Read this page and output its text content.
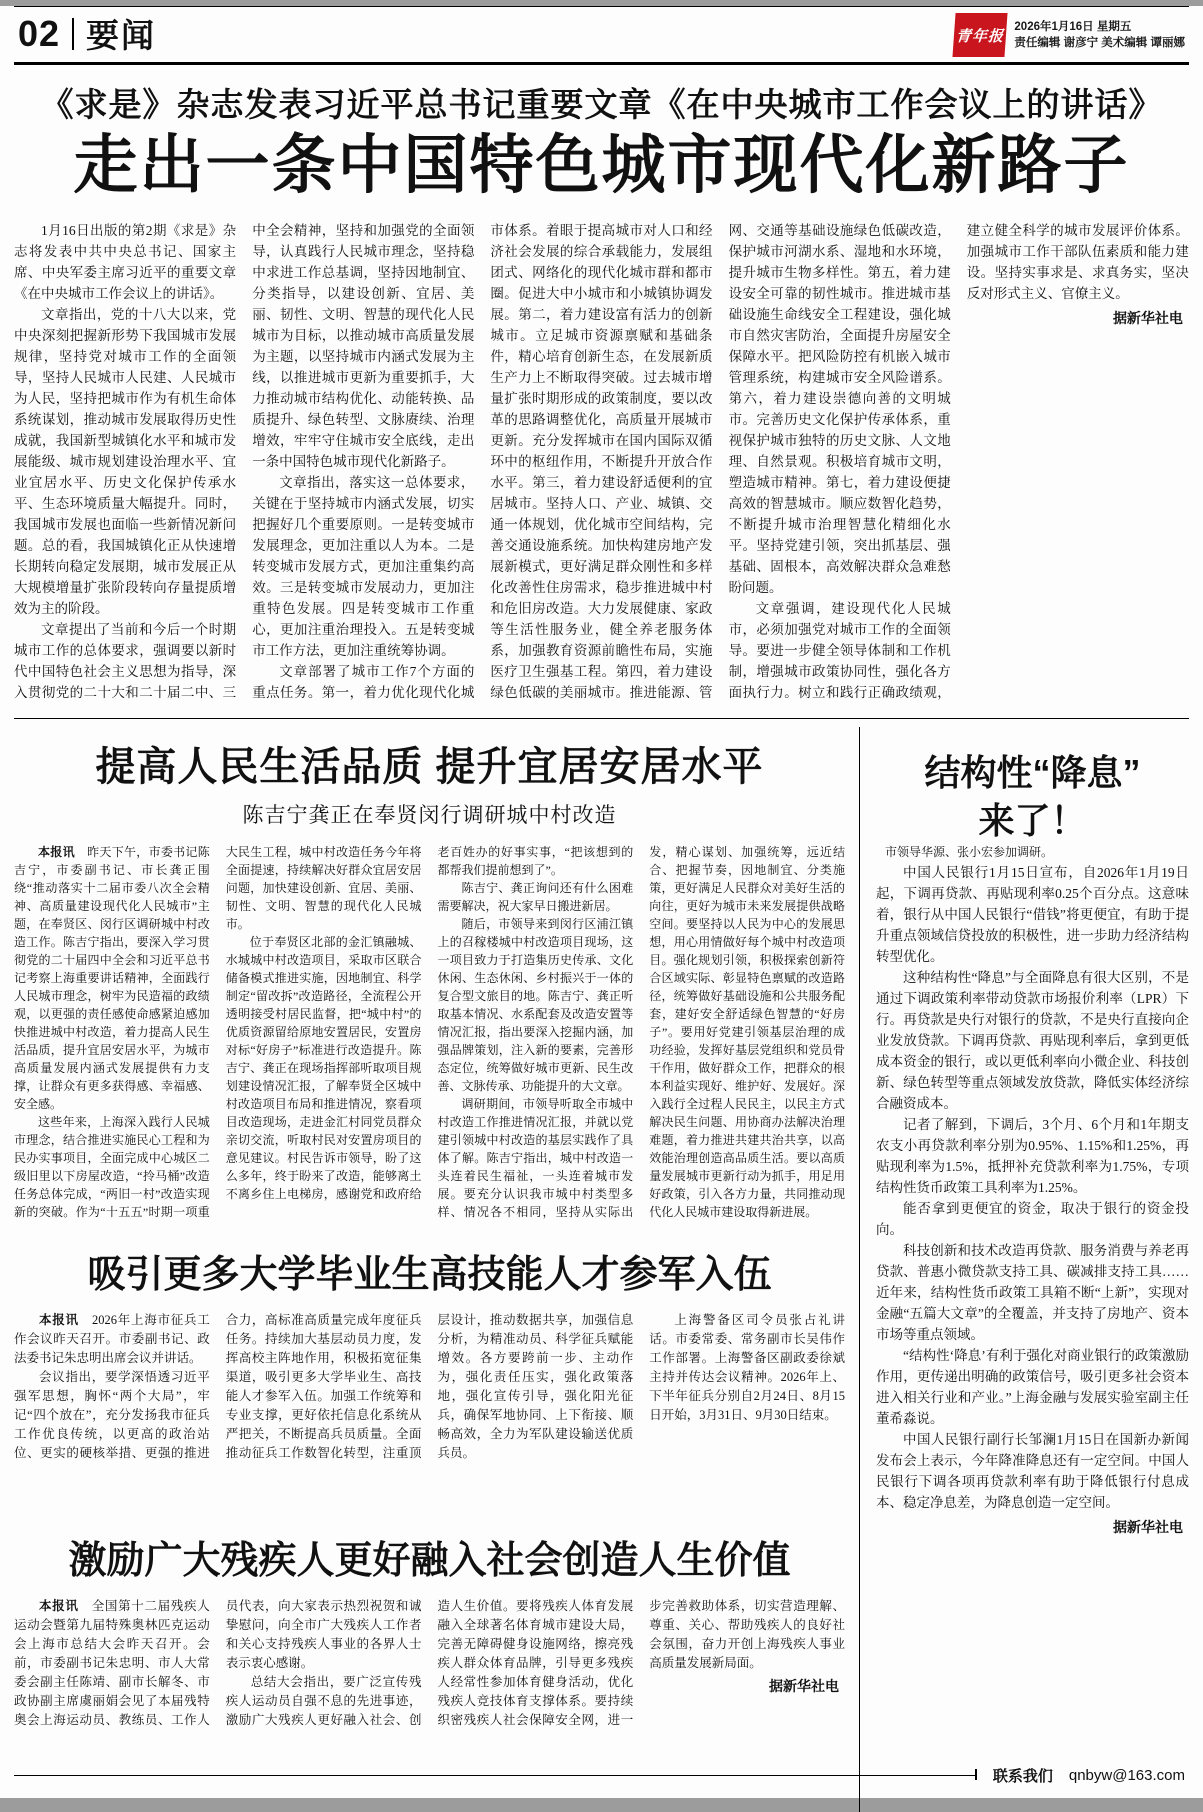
02 要闻	青年报
2026年1月16日 星期五
责任编辑 谢彦宁 美术编辑 谭丽娜
《求是》杂志发表习近平总书记重要文章《在中央城市工作会议上的讲话》
走出一条中国特色城市现代化新路子

1月16日出版的第2期《求是》杂志将发表中共中央总书记、国家主席、中央军委主席习近平的重要文章《在中央城市工作会议上的讲话》。

文章指出，党的十八大以来，党中央深刻把握新形势下我国城市发展规律，坚持党对城市工作的全面领导，坚持人民城市人民建、人民城市为人民，坚持把城市作为有机生命体系统谋划，推动城市发展取得历史性成就，我国新型城镇化水平和城市发展能级、城市规划建设治理水平、宜业宜居水平、历史文化保护传承水平、生态环境质量大幅提升。同时，我国城市发展也面临一些新情况新问题。总的看，我国城镇化正从快速增长期转向稳定发展期，城市发展正从大规模增量扩张阶段转向存量提质增效为主的阶段。

文章提出了当前和今后一个时期城市工作的总体要求，强调要以新时代中国特色社会主义思想为指导，深入贯彻党的二十大和二十届二中、三中全会精神，坚持和加强党的全面领导，认真践行人民城市理念，坚持稳中求进工作总基调，坚持因地制宜、分类指导，以建设创新、宜居、美丽、韧性、文明、智慧的现代化人民城市为目标，以推动城市高质量发展为主题，以坚持城市内涵式发展为主线，以推进城市更新为重要抓手，大力推动城市结构优化、动能转换、品质提升、绿色转型、文脉赓续、治理增效，牢牢守住城市安全底线，走出一条中国特色城市现代化新路子。

文章指出，落实这一总体要求，关键在于坚持城市内涵式发展，切实把握好几个重要原则。一是转变城市发展理念，更加注重以人为本。二是转变城市发展方式，更加注重集约高效。三是转变城市发展动力，更加注重特色发展。四是转变城市工作重心，更加注重治理投入。五是转变城市工作方法，更加注重统筹协调。

文章部署了城市工作7个方面的重点任务。第一，着力优化现代化城市体系。着眼于提高城市对人口和经济社会发展的综合承载能力，发展组团式、网络化的现代化城市群和都市圈。促进大中小城市和小城镇协调发展。第二，着力建设富有活力的创新城市。立足城市资源禀赋和基础条件，精心培育创新生态，在发展新质生产力上不断取得突破。过去城市增量扩张时期形成的政策制度，要以改革的思路调整优化，高质量开展城市更新。充分发挥城市在国内国际双循环中的枢纽作用，不断提升开放合作水平。第三，着力建设舒适便利的宜居城市。坚持人口、产业、城镇、交通一体规划，优化城市空间结构，完善交通设施系统。加快构建房地产发展新模式，更好满足群众刚性和多样化改善性住房需求，稳步推进城中村和危旧房改造。大力发展健康、家政等生活性服务业，健全养老服务体系，加强教育资源前瞻性布局，实施医疗卫生强基工程。第四，着力建设绿色低碳的美丽城市。推进能源、管网、交通等基础设施绿色低碳改造，保护城市河湖水系、湿地和水环境，提升城市生物多样性。第五，着力建设安全可靠的韧性城市。推进城市基础设施生命线安全工程建设，强化城市自然灾害防治，全面提升房屋安全保障水平。把风险防控有机嵌入城市管理系统，构建城市安全风险谱系。第六，着力建设崇德向善的文明城市。完善历史文化保护传承体系，重视保护城市独特的历史文脉、人文地理、自然景观。积极培育城市文明，塑造城市精神。第七，着力建设便捷高效的智慧城市。顺应数智化趋势，不断提升城市治理智慧化精细化水平。坚持党建引领，突出抓基层、强基础、固根本，高效解决群众急难愁盼问题。

文章强调，建设现代化人民城市，必须加强党对城市工作的全面领导。要进一步健全领导体制和工作机制，增强城市政策协同性，强化各方面执行力。树立和践行正确政绩观，建立健全科学的城市发展评价体系。加强城市工作干部队伍素质和能力建设。坚持实事求是、求真务实，坚决反对形式主义、官僚主义。

据新华社电
提高人民生活品质 提升宜居安居水平
陈吉宁龚正在奉贤闵行调研城中村改造

本报讯　昨天下午，市委书记陈吉宁，市委副书记、市长龚正围绕“推动落实十二届市委八次全会精神、高质量建设现代化人民城市”主题，在奉贤区、闵行区调研城中村改造工作。陈吉宁指出，要深入学习贯彻党的二十届四中全会和习近平总书记考察上海重要讲话精神，全面践行人民城市理念，树牢为民造福的政绩观，以更强的责任感使命感紧迫感加快推进城中村改造，着力提高人民生活品质，提升宜居安居水平，为城市高质量发展内涵式发展提供有力支撑，让群众有更多获得感、幸福感、安全感。

这些年来，上海深入践行人民城市理念，结合推进实施民心工程和为民办实事项目，全面完成中心城区二级旧里以下房屋改造，“拎马桶”改造任务总体完成，“两旧一村”改造实现新的突破。作为“十五五”时期一项重大民生工程，城中村改造任务今年将全面提速，持续解决好群众宜居安居问题，加快建设创新、宜居、美丽、韧性、文明、智慧的现代化人民城市。

位于奉贤区北部的金汇镇融城、水城城中村改造项目，采取市区联合储备模式推进实施，因地制宜、科学制定“留改拆”改造路径，全流程公开透明接受村居民监督，把“城中村”的优质资源留给原地安置居民，安置房对标“好房子”标准进行改造提升。陈吉宁、龚正在现场指挥部听取项目规划建设情况汇报，了解奉贤全区城中村改造项目布局和推进情况，察看项目改造现场，走进金汇村同党员群众亲切交流，听取村民对安置房项目的意见建议。村民告诉市领导，盼了这么多年，终于盼来了改造，能够离土不离乡住上电梯房，感谢党和政府给老百姓办的好事实事，“把该想到的都帮我们提前想到了”。

陈吉宁、龚正询问还有什么困难需要解决，祝大家早日搬进新居。

随后，市领导来到闵行区浦江镇上的召稼楼城中村改造项目现场，这一项目致力于打造集历史传承、文化休闲、生态休闲、乡村振兴于一体的复合型文旅目的地。陈吉宁、龚正听取基本情况、水系配套及改造安置等情况汇报，指出要深入挖掘内涵，加强品牌策划，注入新的要素，完善形态定位，统筹做好城市更新、民生改善、文脉传承、功能提升的大文章。

调研期间，市领导听取全市城中村改造工作推进情况汇报，并就以党建引领城中村改造的基层实践作了具体了解。陈吉宁指出，城中村改造一头连着民生福祉，一头连着城市发展。要充分认识我市城中村类型多样、情况各不相同，坚持从实际出发，精心谋划、加强统筹，远近结合、把握节奏，因地制宜、分类施策，更好满足人民群众对美好生活的向往，更好为城市未来发展提供战略空间。要坚持以人民为中心的发展思想，用心用情做好每个城中村改造项目。强化规划引领，积极探索创新符合区域实际、彰显特色禀赋的改造路径，统筹做好基础设施和公共服务配套，建好安全舒适绿色智慧的“好房子”。要用好党建引领基层治理的成功经验，发挥好基层党组织和党员骨干作用，做好群众工作，把群众的根本利益实现好、维护好、发展好。深入践行全过程人民民主，以民主方式解决民生问题、用协商办法解决治理难题，着力推进共建共治共享，以高效能治理创造高品质生活。要以高质量发展城市更新行动为抓手，用足用好政策，引入各方力量，共同推动现代化人民城市建设取得新进展。

市领导华源、张小宏参加调研。

吸引更多大学毕业生高技能人才参军入伍

本报讯　2026年上海市征兵工作会议昨天召开。市委副书记、政法委书记朱忠明出席会议并讲话。

会议指出，要学深悟透习近平强军思想，胸怀“两个大局”，牢记“四个放在”，充分发扬我市征兵工作优良传统，以更高的政治站位、更实的硬核举措、更强的推进合力，高标准高质量完成年度征兵任务。持续加大基层动员力度，发挥高校主阵地作用，积极拓宽征集渠道，吸引更多大学毕业生、高技能人才参军入伍。加强工作统筹和专业支撑，更好依托信息化系统从严把关，不断提高兵员质量。全面推动征兵工作数智化转型，注重顶层设计，推动数据共享，加强信息分析，为精准动员、科学征兵赋能增效。各方要跨前一步、主动作为，强化责任压实，强化政策落地，强化宣传引导，强化阳光征兵，确保军地协同、上下衔接、顺畅高效，全力为军队建设输送优质兵员。

上海警备区司令员张占礼讲话。市委常委、常务副市长吴伟作工作部署。上海警备区副政委徐斌主持并传达会议精神。2026年上、下半年征兵分别自2月24日、8月15日开始，3月31日、9月30日结束。

激励广大残疾人更好融入社会创造人生价值

本报讯　全国第十二届残疾人运动会暨第九届特殊奥林匹克运动会上海市总结大会昨天召开。会前，市委副书记朱忠明、市人大常委会副主任陈靖、副市长解冬、市政协副主席虞丽娟会见了本届残特奥会上海运动员、教练员、工作人员代表，向大家表示热烈祝贺和诚挚慰问，向全市广大残疾人工作者和关心支持残疾人事业的各界人士表示衷心感谢。

总结大会指出，要广泛宣传残疾人运动员自强不息的先进事迹，激励广大残疾人更好融入社会、创造人生价值。要将残疾人体育发展融入全球著名体育城市建设大局，完善无障碍健身设施网络，擦亮残疾人群众体育品牌，引导更多残疾人经常性参加体育健身活动，优化残疾人竞技体育支撑体系。要持续织密残疾人社会保障安全网，进一步完善救助体系，切实营造理解、尊重、关心、帮助残疾人的良好社会氛围，奋力开创上海残疾人事业高质量发展新局面。

据新华社电
结构性“降息”
来了！

中国人民银行1月15日宣布，自2026年1月19日起，下调再贷款、再贴现利率0.25个百分点。这意味着，银行从中国人民银行“借钱”将更便宜，有助于提升重点领域信贷投放的积极性，进一步助力经济结构转型优化。

这种结构性“降息”与全面降息有很大区别，不是通过下调政策利率带动贷款市场报价利率（LPR）下行。再贷款是央行对银行的贷款，不是央行直接向企业发放贷款。下调再贷款、再贴现利率后，拿到更低成本资金的银行，或以更低利率向小微企业、科技创新、绿色转型等重点领域发放贷款，降低实体经济综合融资成本。

记者了解到，下调后，3个月、6个月和1年期支农支小再贷款利率分别为0.95%、1.15%和1.25%，再贴现利率为1.5%，抵押补充贷款利率为1.75%，专项结构性货币政策工具利率为1.25%。

能否拿到更便宜的资金，取决于银行的资金投向。

科技创新和技术改造再贷款、服务消费与养老再贷款、普惠小微贷款支持工具、碳减排支持工具……近年来，结构性货币政策工具箱不断“上新”，实现对金融“五篇大文章”的全覆盖，并支持了房地产、资本市场等重点领域。

“结构性‘降息’有利于强化对商业银行的政策激励作用，更传递出明确的政策信号，吸引更多社会资本进入相关行业和产业。”上海金融与发展实验室副主任董希淼说。

中国人民银行副行长邹澜1月15日在国新办新闻发布会上表示，今年降准降息还有一定空间。中国人民银行下调各项再贷款利率有助于降低银行付息成本、稳定净息差，为降息创造一定空间。

据新华社电
联系我们 qnbyw@163.com
